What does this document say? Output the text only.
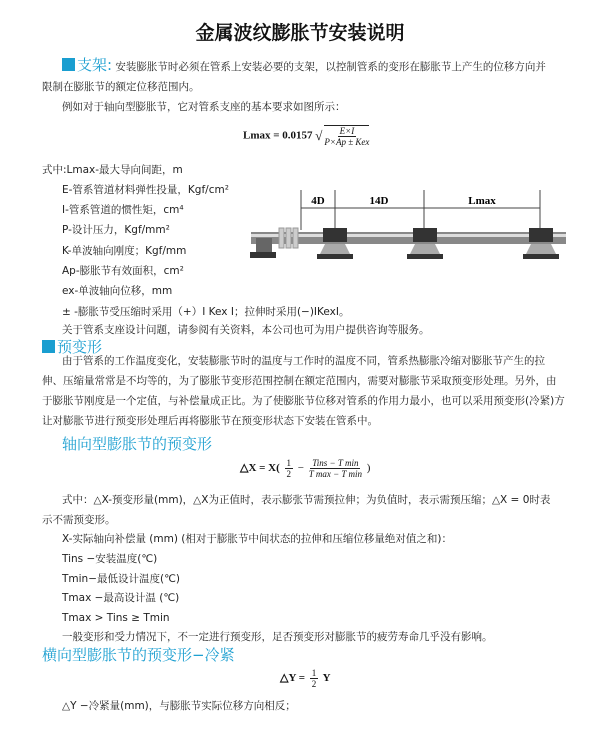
金属波纹膨胀节安装说明
支架: 安装膨胀节时必须在管系上安装必要的支架，以控制管系的变形在膨胀节上产生的位移方向并
限制在膨胀节的额定位移范围内。
例如对于轴向型膨胀节，它对管系支座的基本要求如图所示：
Lmax = 0.0157 √ $\frac{E\times I}{\text{P×Ap ± Kex}}$
式中:Lmax-最大导向间距，m
E-管系管道材料弹性投量，Kgf/cm²
I-管系管道的惯性矩，cm⁴
P-设计压力，Kgf/mm²
K-单波轴向刚度；Kgf/mm
Ap-膨胀节有效面积，cm²
ex-单波轴向位移，mm
± -膨胀节受压缩时采用（+）I Kex I；拉伸时采用(−)IKexI。
关于管系支座设计问题，请参阅有关资料，本公司也可为用户提供咨询等服务。
4D	14D	Lmax
预变形
由于管系的工作温度变化，安装膨胀节时的温度与工作时的温度不同，管系热膨胀冷缩对膨胀节产生的拉
伸、压缩量常常是不均等的，为了膨胀节变形范围控制在额定范围内，需要对膨胀节采取预变形处理。另外，由
于膨胀节刚度是一个定值，与补偿量成正比。为了使膨胀节位移对管系的作用力最小，也可以采用预变形(冷紧)方
让对膨胀节进行预变形处理后再将膨胀节在预变形状态下安装在管系中。
轴向型膨胀节的预变形
△X = $X( \frac{1}{2} - \frac{\text{Tins − T min}}{\text{T max − T min}}$ )
式中：△X-预变形量(mm)，△X为正值时，表示膨张节需预拉伸；为负值时，表示需预压缩；△X = 0时表
示不需预变形。
X-实际轴向补偿量 (mm) (相对于膨胀节中间状态的拉伸和压缩位移量绝对值之和)：
Tins −安装温度(℃)
Tmin−最低设计温度(℃)
Tmax −最高设计温 (℃)
Tmax > Tins ≥ Tmin
一般变形和受力情况下，不一定进行预变形，足否预变形对膨胀节的疲劳寿命几乎没有影响。
横向型膨胀节的预变形−冷紧
△Y = $\frac{1}{2}$ Y
△Y −冷紧量(mm)，与膨胀节实际位移方向相反；
